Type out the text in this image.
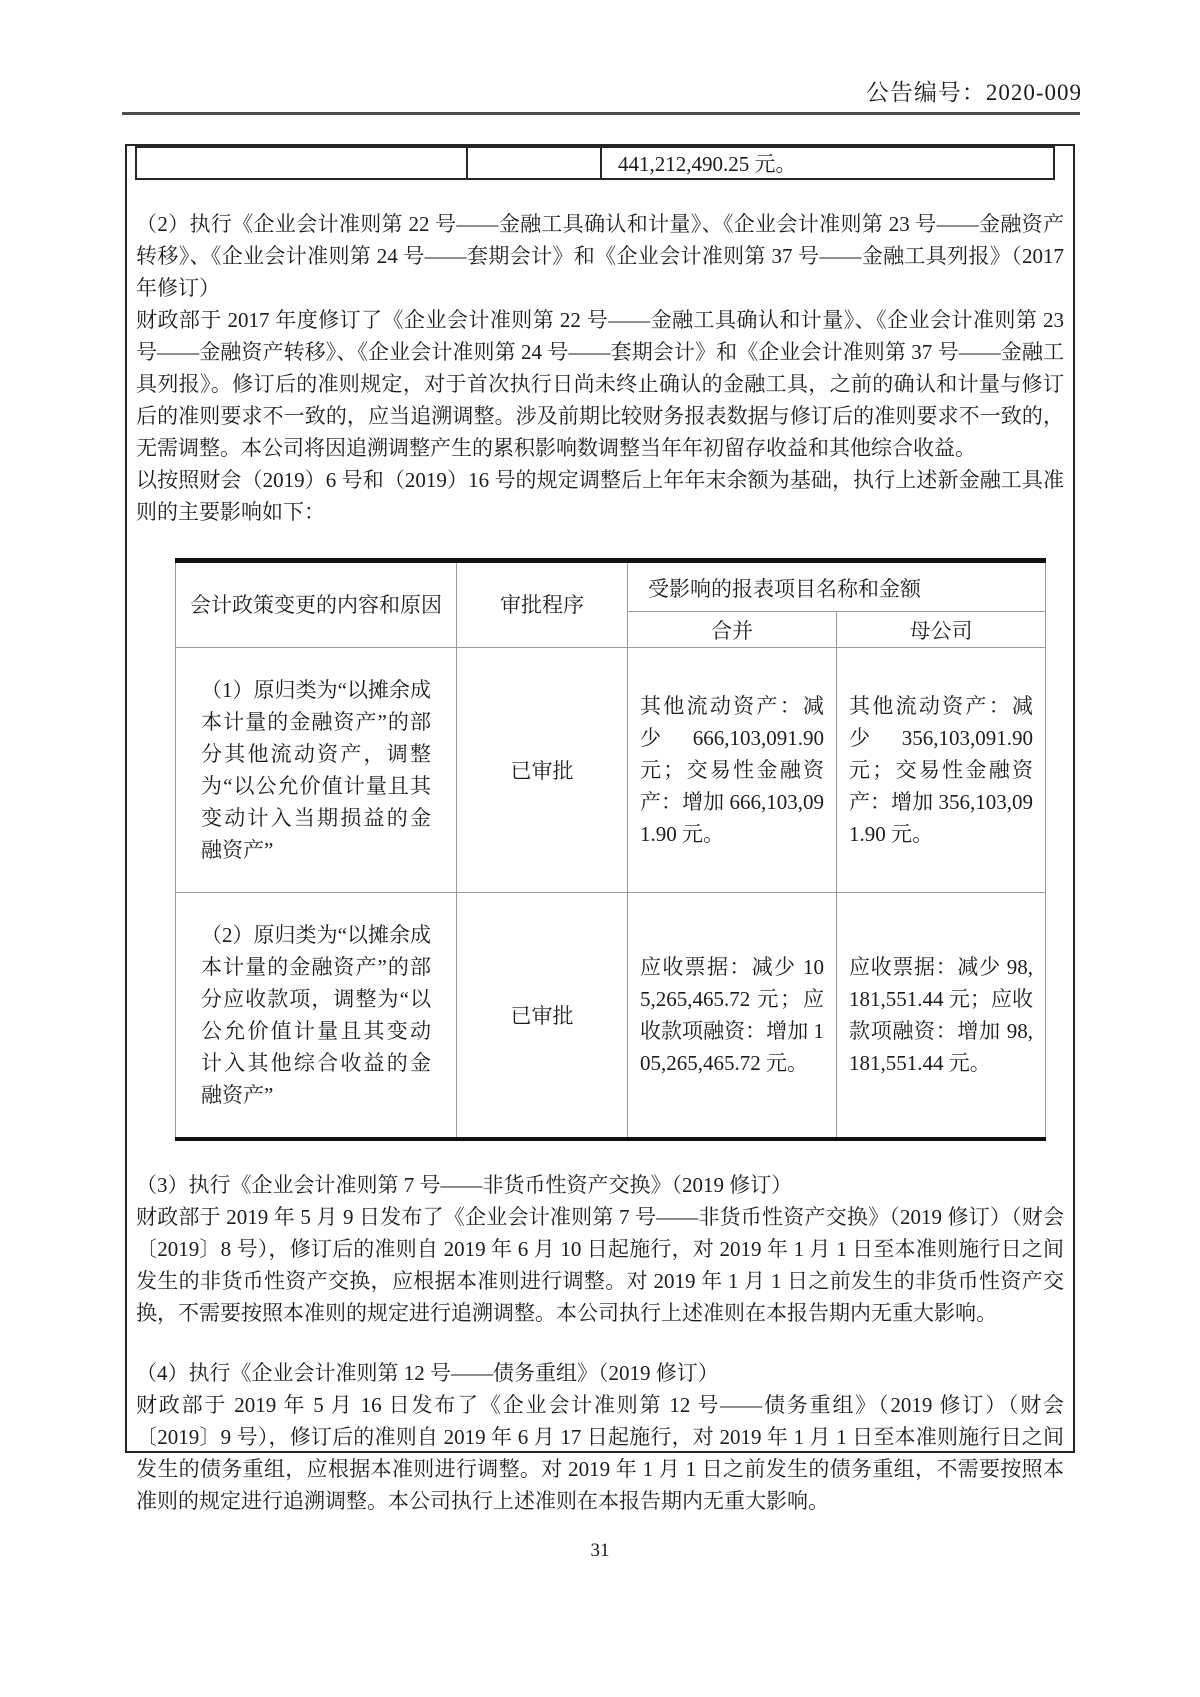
公告编号：2020-009
		441,212,490.25 元。

（2）执行《企业会计准则第 22 号——金融工具确认和计量》、《企业会计准则第 23 号——金融资产转移》、《企业会计准则第 24 号——套期会计》和《企业会计准则第 37 号——金融工具列报》（2017 年修订）

财政部于 2017 年度修订了《企业会计准则第 22 号——金融工具确认和计量》、《企业会计准则第 23 号——金融资产转移》、《企业会计准则第 24 号——套期会计》和《企业会计准则第 37 号——金融工具列报》。修订后的准则规定，对于首次执行日尚未终止确认的金融工具，之前的确认和计量与修订后的准则要求不一致的，应当追溯调整。涉及前期比较财务报表数据与修订后的准则要求不一致的，无需调整。本公司将因追溯调整产生的累积影响数调整当年年初留存收益和其他综合收益。

以按照财会（2019）6 号和（2019）16 号的规定调整后上年年末余额为基础，执行上述新金融工具准则的主要影响如下：

会计政策变更的内容和原因	审批程序	受影响的报表项目名称和金额	
		合并	母公司
（1）原归类为“以摊余成本计量的金融资产”的部分其他流动资产，调整为“以公允价值计量且其变动计入当期损益的金融资产”	已审批	其他流动资产：减少 666,103,091.90 元；交易性金融资产：增加 666,103,091.90 元。	其他流动资产：减少 356,103,091.90 元；交易性金融资产：增加 356,103,091.90 元。
（2）原归类为“以摊余成本计量的金融资产”的部分应收款项，调整为“以公允价值计量且其变动计入其他综合收益的金融资产”	已审批	应收票据：减少 105,265,465.72 元；应收款项融资：增加 105,265,465.72 元。	应收票据：减少 98,181,551.44 元；应收款项融资：增加 98,181,551.44 元。

（3）执行《企业会计准则第 7 号——非货币性资产交换》（2019 修订）

财政部于 2019 年 5 月 9 日发布了《企业会计准则第 7 号——非货币性资产交换》（2019 修订）（财会〔2019〕8 号），修订后的准则自 2019 年 6 月 10 日起施行，对 2019 年 1 月 1 日至本准则施行日之间发生的非货币性资产交换，应根据本准则进行调整。对 2019 年 1 月 1 日之前发生的非货币性资产交换，不需要按照本准则的规定进行追溯调整。本公司执行上述准则在本报告期内无重大影响。

（4）执行《企业会计准则第 12 号——债务重组》（2019 修订）

财政部于 2019 年 5 月 16 日发布了《企业会计准则第 12 号——债务重组》（2019 修订）（财会〔2019〕9 号），修订后的准则自 2019 年 6 月 17 日起施行，对 2019 年 1 月 1 日至本准则施行日之间发生的债务重组，应根据本准则进行调整。对 2019 年 1 月 1 日之前发生的债务重组，不需要按照本准则的规定进行追溯调整。本公司执行上述准则在本报告期内无重大影响。

31
